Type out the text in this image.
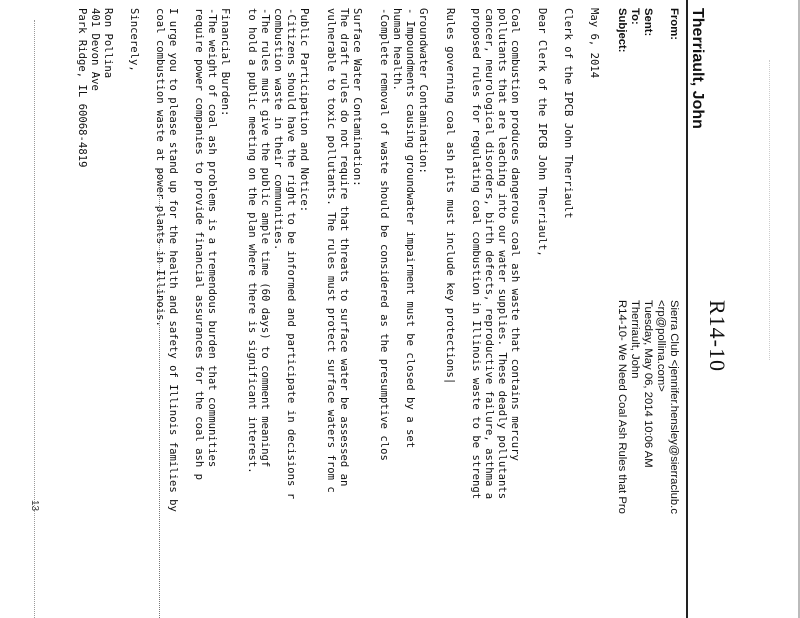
R14-10
Therriault, John
From:
Sierra Club <jennifer.hensley@sierraclub.c
<rp@pollina.com>
Sent:
Tuesday, May 06, 2014 10:06 AM
To:
Therriault, John
Subject:
R14-10- We Need Coal Ash Rules that Pro
May 6, 2014
Clerk of the IPCB John Therriault
Dear Clerk of the IPCB John Therriault,
Coal combustion produces dangerous coal ash waste that contains mercury
pollutants that are leaching into our water supplies. These deadly pollutants
cancer, neurological disorders, birth defects, reproductive failure, asthma a
proposed rules for regulating coal combustion in Illinois waste to be strengt
Rules governing coal ash pits must include key protections|
Groundwater Contamination:
- Impoundments causing groundwater impairment must be closed by a set
human health.
-Complete removal of waste should be considered as the presumptive clos
Surface Water Contamination:
The draft rules do not require that threats to surface water be assessed an
vulnerable to toxic pollutants. The rules must protect surface waters from c
Public Participation and Notice:
-Citizens should have the right to be informed and participate in decisions r
combustion waste in their communities.
-The rules must give the public ample time (60 days) to comment meaningf
to hold a public meeting on the plan where there is significant interest.
Financial Burden:
-The weight of coal ash problems is a tremendous burden that communities
require power companies to provide financial assurances for the coal ash p
I urge you to please stand up for the health and safety of Illinois families by
coal combustion waste at power plants in Illinois.
Sincerely,
Ron Pollina
401 Devon Ave
Park Ridge, IL 60068-4819
13
